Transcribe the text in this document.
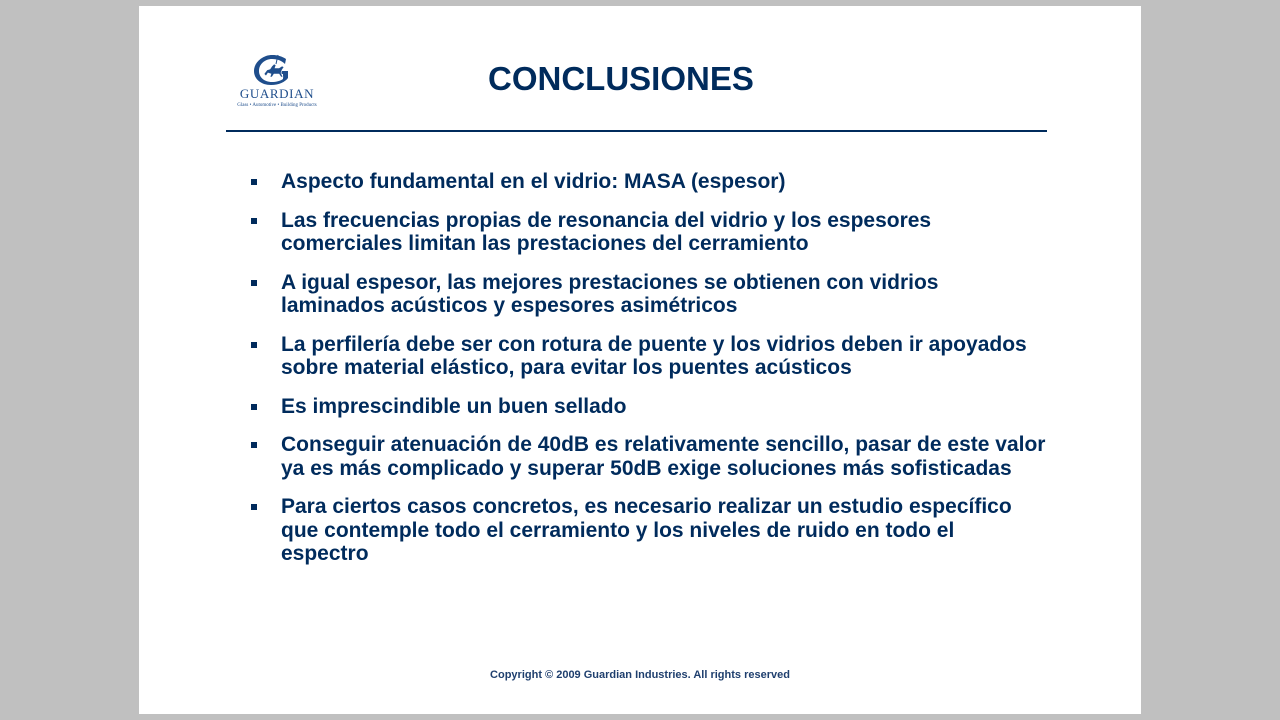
GUARDIAN
Glass • Automotive • Building Products
CONCLUSIONES
Aspecto fundamental en el vidrio: MASA (espesor)
Las frecuencias propias de resonancia del vidrio y los espesores comerciales limitan las prestaciones del cerramiento
A igual espesor, las mejores prestaciones se obtienen con vidrios laminados acústicos y espesores asimétricos
La perfilería debe ser con rotura de puente y los vidrios deben ir apoyados sobre material elástico, para evitar los puentes acústicos
Es imprescindible un buen sellado
Conseguir atenuación de 40dB es relativamente sencillo, pasar de este valor ya es más complicado y superar 50dB exige soluciones más sofisticadas
Para ciertos casos concretos, es necesario realizar un estudio específico que contemple todo el cerramiento y los niveles de ruido en todo el espectro
Copyright © 2009 Guardian Industries. All rights reserved
